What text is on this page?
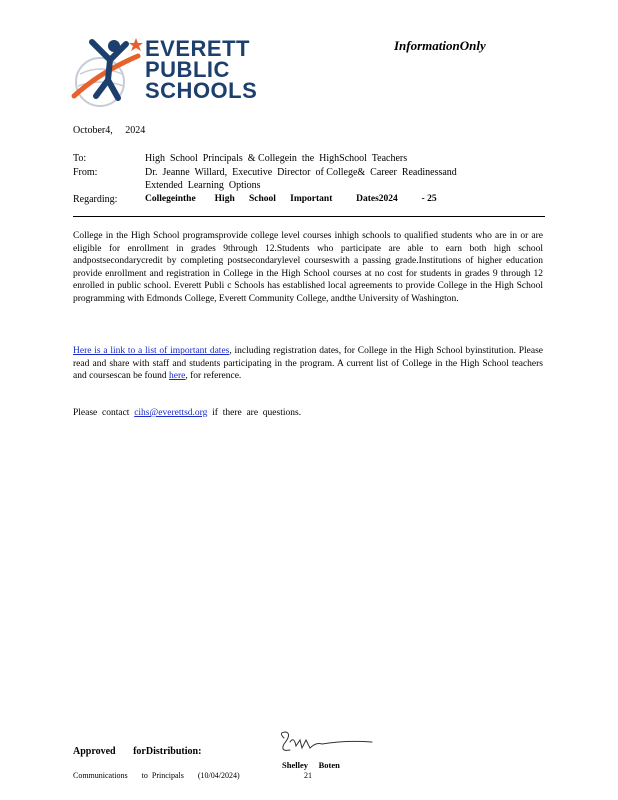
EVERETT
PUBLIC
SCHOOLS
InformationOnly
October4,     2024
To:	High  School  Principals  & Collegein  the  HighSchool  Teachers
From:	Dr.  Jeanne  Willard,  Executive  Director  of College&  Career  Readinessand
Extended  Learning  Options
Regarding:	Collegeinthe        High      School      Important          Dates2024          - 25
College in the High School programsprovide college level courses inhigh schools to qualified students who are in or are eligible for enrollment in grades 9through 12.Students who participate are able to earn both high school andpostsecondarycredit by completing postsecondarylevel courseswith a passing grade.Institutions of higher education provide enrollment and registration in College in the High School courses at no cost for students in grades 9 through 12 enrolled in public school. Everett Publi c Schools has established local agreements to provide College in the High School programming with Edmonds College, Everett Community College, andthe University of Washington.
Here is a link to a list of important dates, including registration dates, for College in the High School byinstitution. Please read and share with staff and students participating in the program. A current list of College in the High School teachers and coursescan be found here, for reference.
Please  contact  cihs@everettsd.org  if  there  are  questions.
Approved       forDistribution:
Shelley     Boten
Communications       to  Principals       (10/04/2024)	21
